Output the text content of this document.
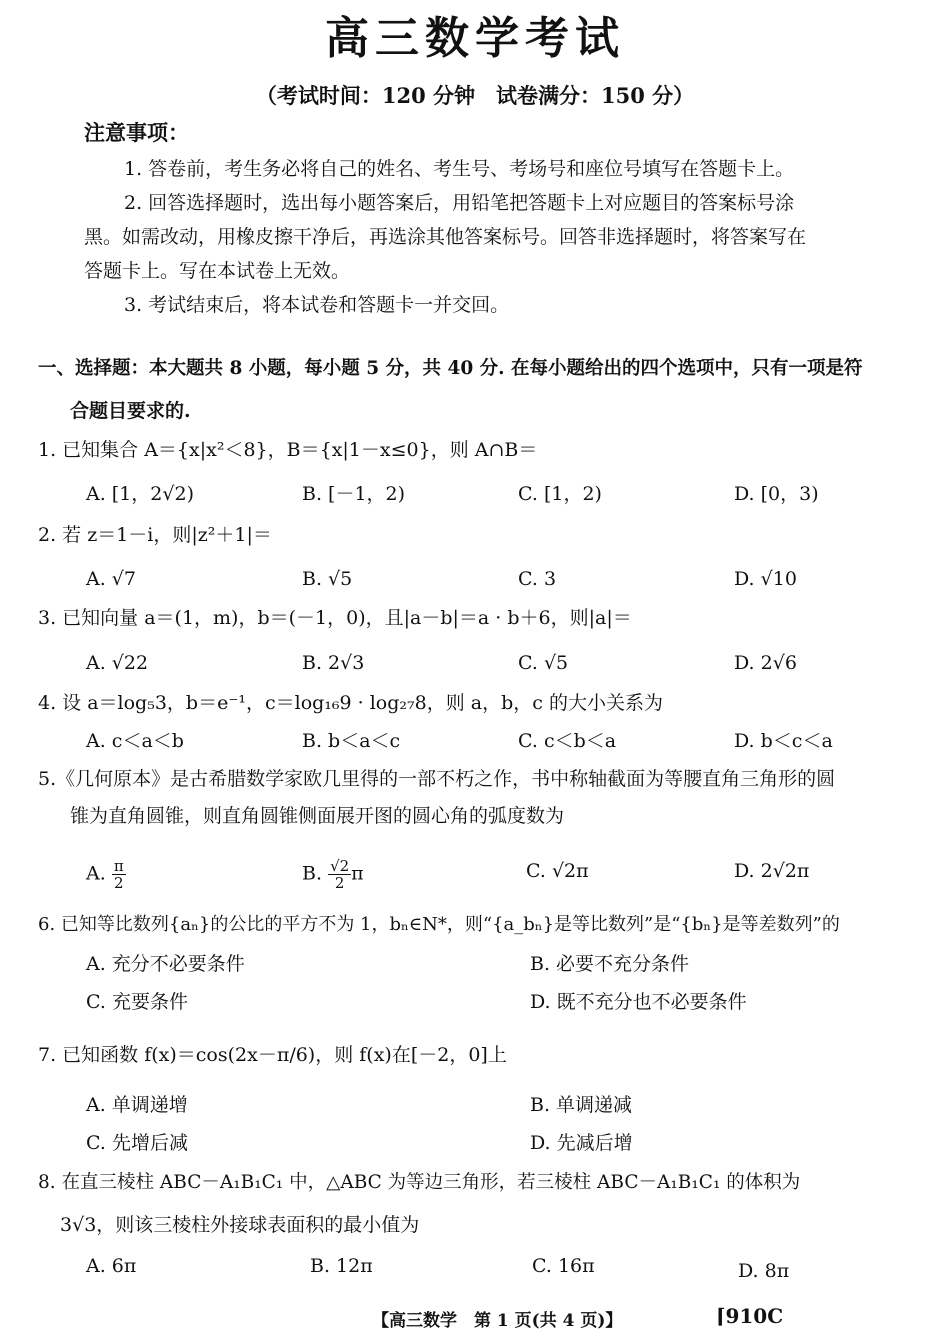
高三数学考试
（考试时间：120 分钟　试卷满分：150 分）
注意事项：
1. 答卷前，考生务必将自己的姓名、考生号、考场号和座位号填写在答题卡上。
2. 回答选择题时，选出每小题答案后，用铅笔把答题卡上对应题目的答案标号涂
黑。如需改动，用橡皮擦干净后，再选涂其他答案标号。回答非选择题时，将答案写在
答题卡上。写在本试卷上无效。
3. 考试结束后，将本试卷和答题卡一并交回。
一、选择题：本大题共 8 小题，每小题 5 分，共 40 分. 在每小题给出的四个选项中，只有一项是符
合题目要求的.
1. 已知集合 A＝{x|x²＜8}，B＝{x|1－x≤0}，则 A∩B＝
A. [1，2√2)	B. [－1，2)	C. [1，2)	D. [0，3)
2. 若 z＝1－i，则|z²＋1|＝
A. √7	B. √5	C. 3	D. √10
3. 已知向量 a＝(1，m)，b＝(－1，0)，且|a－b|＝a · b＋6，则|a|＝
A. √22	B. 2√3	C. √5	D. 2√6
4. 设 a＝log₅3，b＝e⁻¹，c＝log₁₆9 · log₂₇8，则 a，b，c 的大小关系为
A. c＜a＜b	B. b＜a＜c	C. c＜b＜a	D. b＜c＜a
5.《几何原本》是古希腊数学家欧几里得的一部不朽之作，书中称轴截面为等腰直角三角形的圆
锥为直角圆锥，则直角圆锥侧面展开图的圆心角的弧度数为
A. $\frac{\pi}{2}$	B. $\frac{√2}{2}$ π	C. √2π	D. 2√2π
6. 已知等比数列{aₙ}的公比的平方不为 1，bₙ∈N*，则“{a_bₙ}是等比数列”是“{bₙ}是等差数列”的
A. 充分不必要条件	B. 必要不充分条件
C. 充要条件	D. 既不充分也不必要条件
7. 已知函数 f(x)＝cos(2x－π/6)，则 f(x)在[－2，0]上
A. 单调递增	B. 单调递减
C. 先增后减	D. 先减后增
8. 在直三棱柱 ABC－A₁B₁C₁ 中，△ABC 为等边三角形，若三棱柱 ABC－A₁B₁C₁ 的体积为
3√3，则该三棱柱外接球表面积的最小值为
A. 6π	B. 12π	C. 16π	D. 8π
【高三数学　第 1 页(共 4 页)】	⌈910C
